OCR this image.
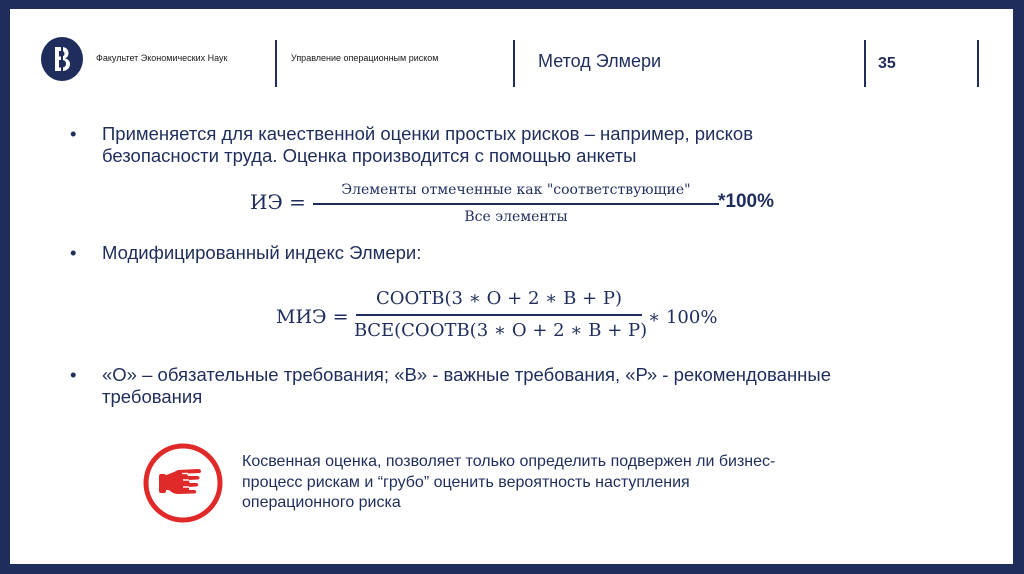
Факультет Экономических Наук	Управление операционным риском	Метод Элмери	35
• Применяется для качественной оценки простых рисков – например, рисков
безопасности труда. Оценка производится с помощью анкеты
ИЭ =	Элементы отмеченные как "соответствующие"
Все элементы
*100%
• Модифицированный индекс Элмери:
МИЭ =
СООТВ(3 ∗ О + 2 ∗ В + Р)
ВСЕ(СООТВ(3 ∗ О + 2 ∗ В + Р)
∗ 100%
• «О» – обязательные требования; «В» - важные требования, «Р» - рекомендованные
требования
Косвенная оценка, позволяет только определить подвержен ли бизнес-
процесс рискам и “грубо” оценить вероятность наступления
операционного риска
